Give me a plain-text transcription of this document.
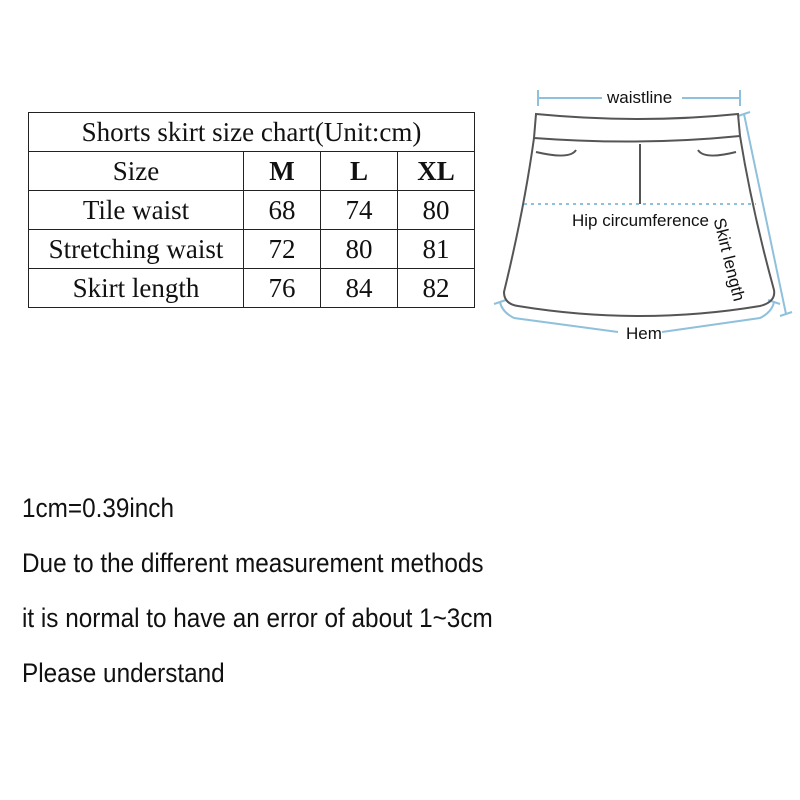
Shorts skirt size chart(Unit:cm)			
Size	M	L	XL
Tile waist	68	74	80
Stretching waist	72	80	81
Skirt length	76	84	82
waistline
Hip circumference Skirt length
Hem
1cm=0.39inch
Due to the different measurement methods
it is normal to have an error of about 1~3cm
Please understand
